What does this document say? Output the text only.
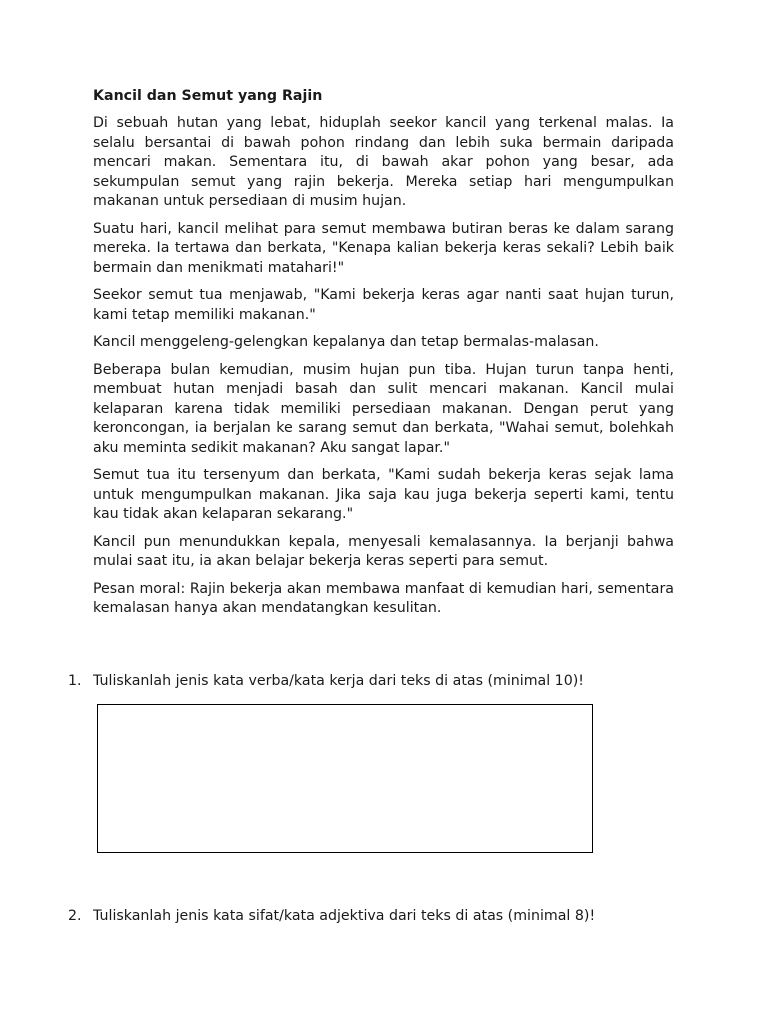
Kancil dan Semut yang Rajin

Di sebuah hutan yang lebat, hiduplah seekor kancil yang terkenal malas. Ia selalu bersantai di bawah pohon rindang dan lebih suka bermain daripada mencari makan. Sementara itu, di bawah akar pohon yang besar, ada sekumpulan semut yang rajin bekerja. Mereka setiap hari mengumpulkan makanan untuk persediaan di musim hujan.

Suatu hari, kancil melihat para semut membawa butiran beras ke dalam sarang mereka. Ia tertawa dan berkata, "Kenapa kalian bekerja keras sekali? Lebih baik bermain dan menikmati matahari!"

Seekor semut tua menjawab, "Kami bekerja keras agar nanti saat hujan turun, kami tetap memiliki makanan."

Kancil menggeleng-gelengkan kepalanya dan tetap bermalas-malasan.

Beberapa bulan kemudian, musim hujan pun tiba. Hujan turun tanpa henti, membuat hutan menjadi basah dan sulit mencari makanan. Kancil mulai kelaparan karena tidak memiliki persediaan makanan. Dengan perut yang keroncongan, ia berjalan ke sarang semut dan berkata, "Wahai semut, bolehkah aku meminta sedikit makanan? Aku sangat lapar."

Semut tua itu tersenyum dan berkata, "Kami sudah bekerja keras sejak lama untuk mengumpulkan makanan. Jika saja kau juga bekerja seperti kami, tentu kau tidak akan kelaparan sekarang."

Kancil pun menundukkan kepala, menyesali kemalasannya. Ia berjanji bahwa mulai saat itu, ia akan belajar bekerja keras seperti para semut.

Pesan moral: Rajin bekerja akan membawa manfaat di kemudian hari, sementara kemalasan hanya akan mendatangkan kesulitan.

1. Tuliskanlah jenis kata verba/kata kerja dari teks di atas (minimal 10)!
2. Tuliskanlah jenis kata sifat/kata adjektiva dari teks di atas (minimal 8)!
